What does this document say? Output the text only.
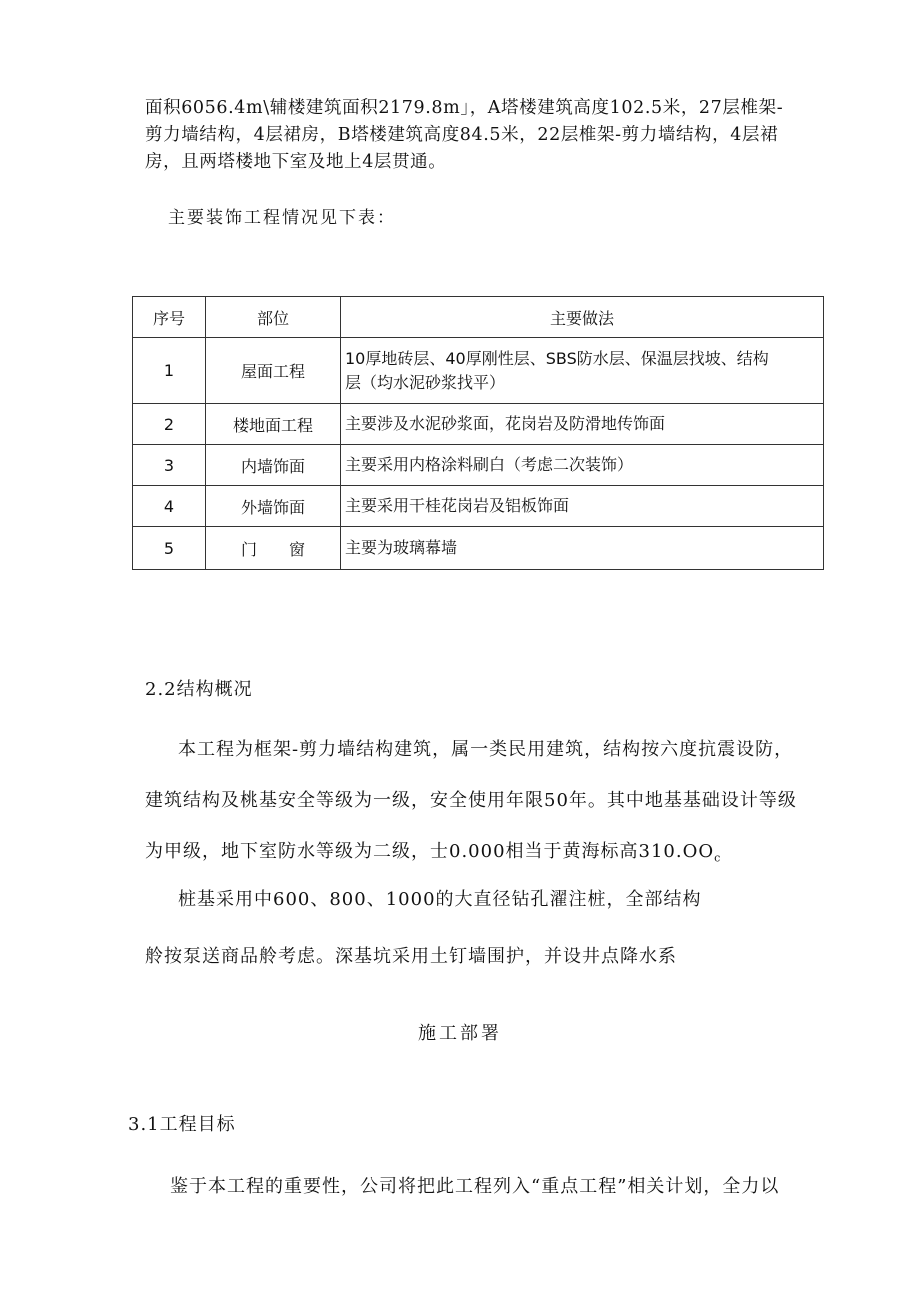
面积6056.4m\辅楼建筑面积2179.8m」，A塔楼建筑高度102.5米，27层椎架-
剪力墙结构，4层裙房，B塔楼建筑高度84.5米，22层椎架-剪力墙结构，4层裙
房，且两塔楼地下室及地上4层贯通。
主要装饰工程情况见下表：
序号	部位	主要做法
1	屋面工程	10厚地砖层、40厚刚性层、SBS防水层、保温层找坡、结构
层（均水泥砂浆找平）

2	楼地面工程	主要涉及水泥砂浆面，花岗岩及防滑地传饰面
3	内墙饰面	主要采用内格涂料刷白（考虑二次装饰）
4	外墙饰面	主要采用干桂花岗岩及铝板饰面
5	门　　窗	主要为玻璃幕墙
2.2结构概况
本工程为框架-剪力墙结构建筑，属一类民用建筑，结构按六度抗震设防，
建筑结构及桃基安全等级为一级，安全使用年限50年。其中地基基础设计等级
为甲级，地下室防水等级为二级，士0.000相当于黄海标高$310.OO_c$
桩基采用中600、800、1000的大直径钻孔濯注桩，全部结构
舲按泵送商品舲考虑。深基坑采用土钉墙围护，并设井点降水系
施工部署
3.1工程目标
鉴于本工程的重要性，公司将把此工程列入“重点工程”相关计划，全力以
